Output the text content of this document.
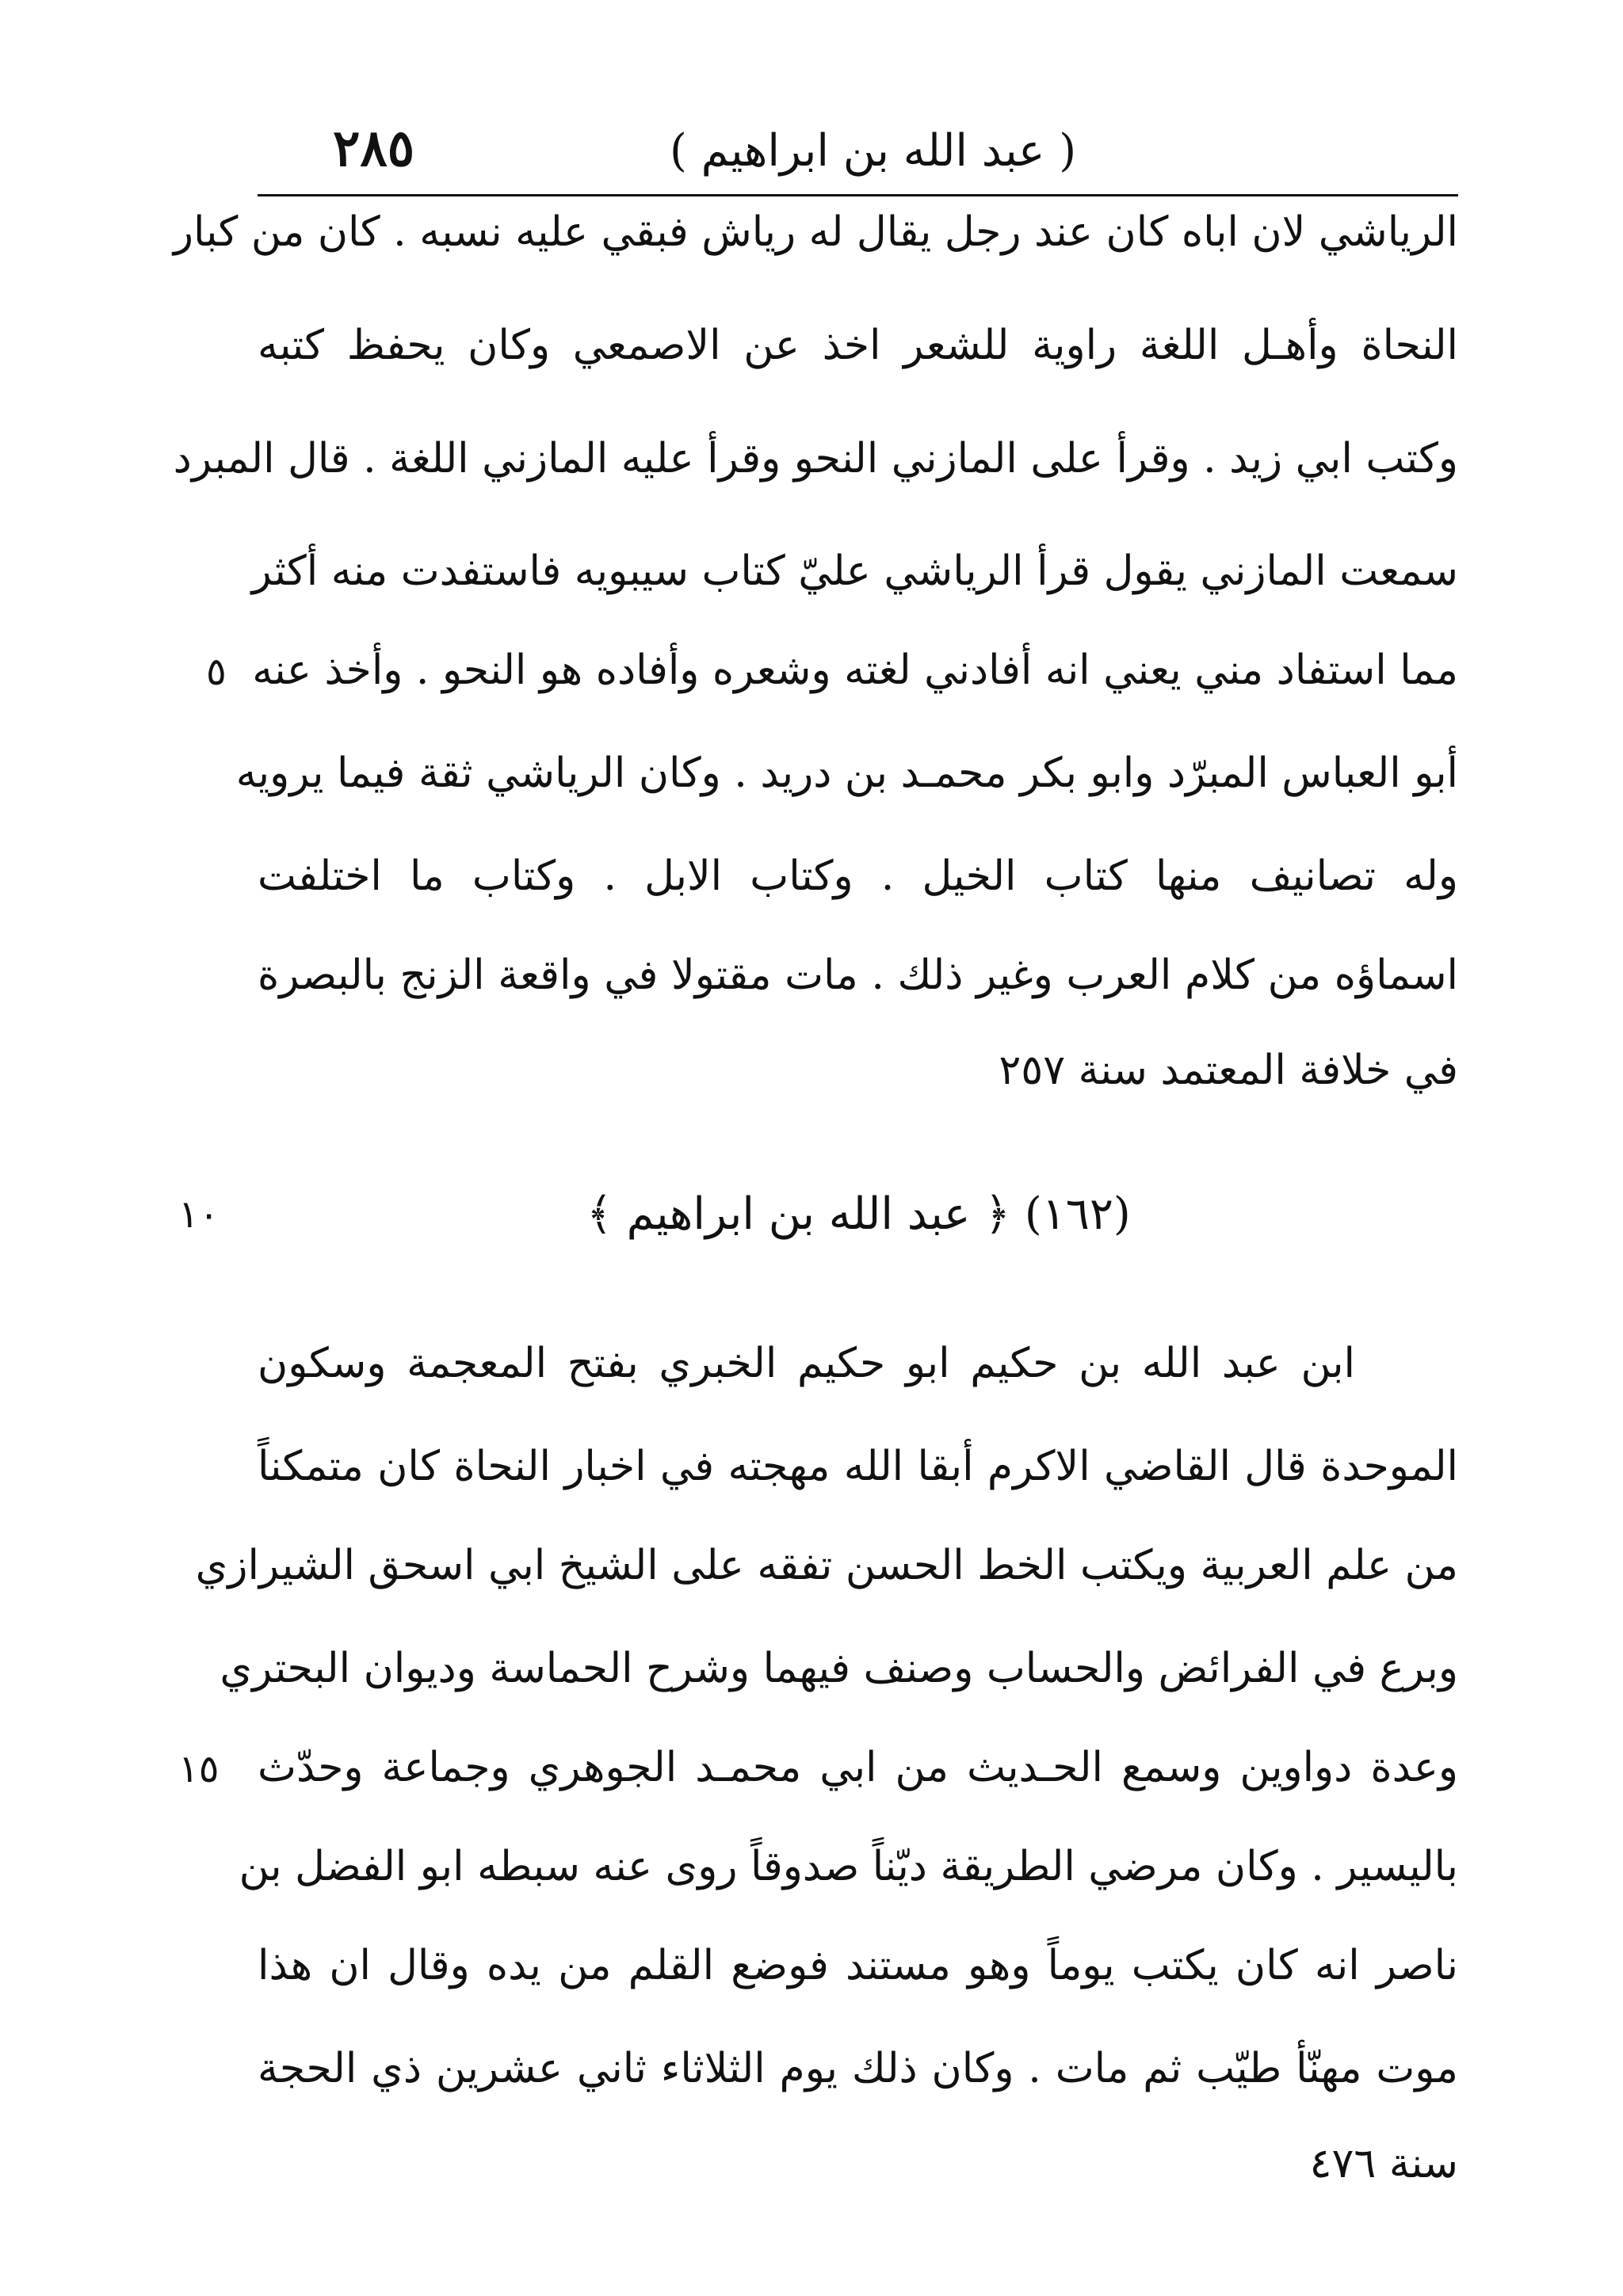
٢٨٥	( عبد الله بن ابراهيم )
الرياشي لان اباه كان عند رجل يقال له رياش فبقي عليه نسبه . كان من كبار
النحاة وأهـل اللغة راوية للشعر اخذ عن الاصمعي وكان يحفظ كتبه
وكتب ابي زيد . وقرأ على المازني النحو وقرأ عليه المازني اللغة . قال المبرد
سمعت المازني يقول قرأ الرياشي عليّ كتاب سيبويه فاستفدت منه أكثر
مما استفاد مني يعني انه أفادني لغته وشعره وأفاده هو النحو . وأخذ عنه
أبو العباس المبرّد وابو بكر محمـد بن دريد . وكان الرياشي ثقة فيما يرويه
وله تصانيف منها كتاب الخيل . وكتاب الابل . وكتاب ما اختلفت
اسماؤه من كلام العرب وغير ذلك . مات مقتولا في واقعة الزنج بالبصرة
في خلافة المعتمد سنة ٢٥٧
٥
(١٦٢) ﴿ عبد الله بن ابراهيم ﴾
١٠
ابن عبد الله بن حكيم ابو حكيم الخبري بفتح المعجمة وسكون
الموحدة قال القاضي الاكرم أبقا الله مهجته في اخبار النحاة كان متمكناً
من علم العربية ويكتب الخط الحسن تفقه على الشيخ ابي اسحق الشيرازي
وبرع في الفرائض والحساب وصنف فيهما وشرح الحماسة وديوان البحتري
وعدة دواوين وسمع الحـديث من ابي محمـد الجوهري وجماعة وحدّث
باليسير . وكان مرضي الطريقة ديّناً صدوقاً روى عنه سبطه ابو الفضل بن
ناصر انه كان يكتب يوماً وهو مستند فوضع القلم من يده وقال ان هذا
موت مهنّأ طيّب ثم مات . وكان ذلك يوم الثلاثاء ثاني عشرين ذي الحجة
سنة ٤٧٦
١٥
